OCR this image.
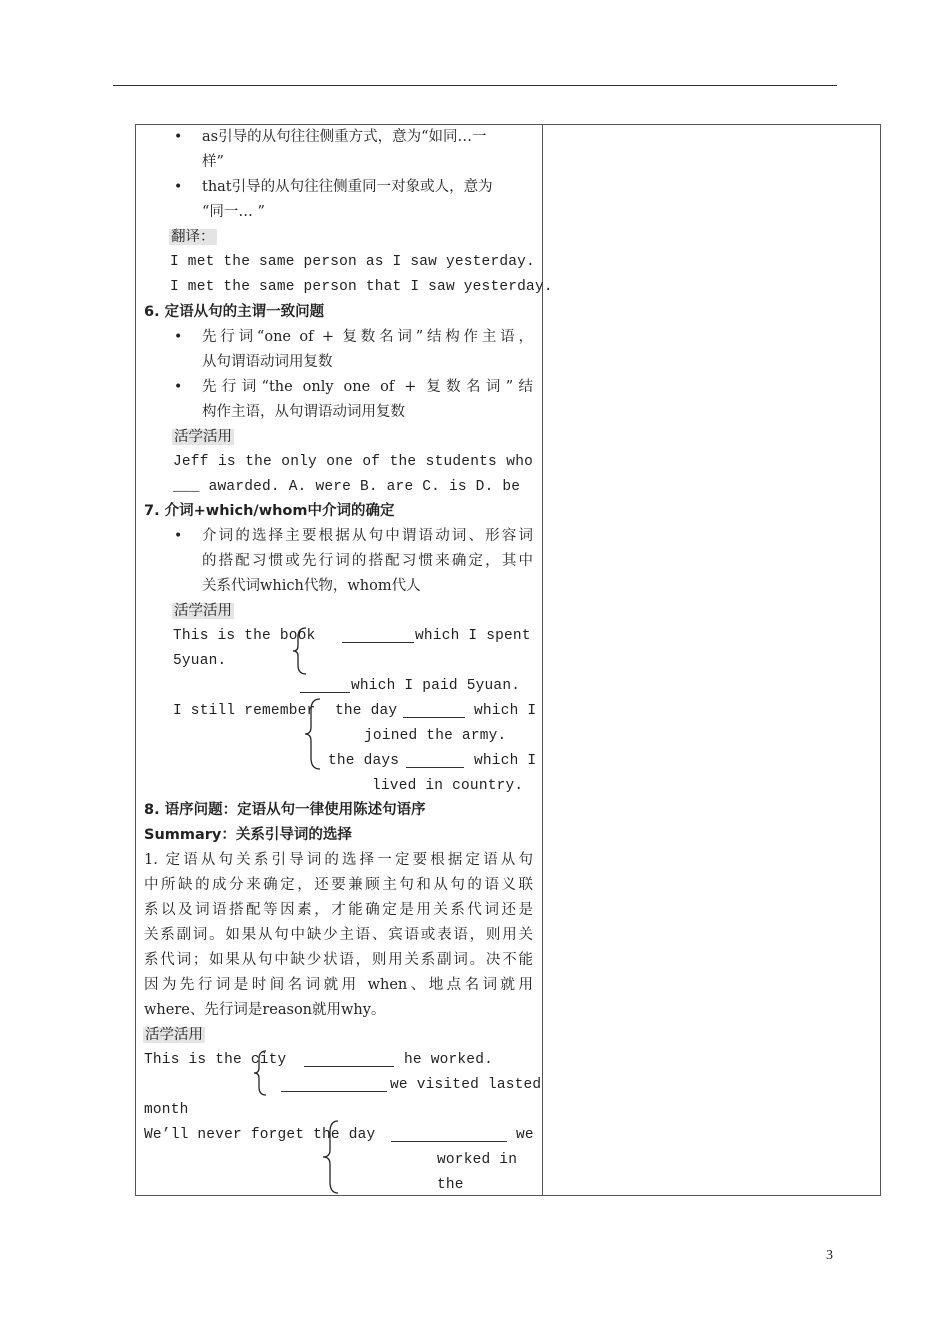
• as引导的从句往往侧重方式，意为“如同…一
样”
• that引导的从句往往侧重同一对象或人，意为
“同一… ”
翻译：
I met the same person as I saw yesterday.
I met the same person that I saw yesterday.
6. 定语从句的主谓一致问题
• 先行词“one of + 复数名词”结构作主语，
从句谓语动词用复数
• 先行词“the only one of + 复数名词”结
构作主语，从句谓语动词用复数
活学活用
Jeff is the only one of the students who
___ awarded. A. were B. are C. is D. be
7. 介词+which/whom中介词的确定
• 介词的选择主要根据从句中谓语动词、形容词
的搭配习惯或先行词的搭配习惯来确定，其中
关系代词which代物，whom代人
活学活用
This is the book	which I spent
5yuan.
which I paid 5yuan.
I still remember the day	which I
joined the army.
the days	which I
lived in country.
8. 语序问题：定语从句一律使用陈述句语序
Summary：关系引导词的选择
1. 定语从句关系引导词的选择一定要根据定语从句
中所缺的成分来确定，还要兼顾主句和从句的语义联
系以及词语搭配等因素，才能确定是用关系代词还是
关系副词。如果从句中缺少主语、宾语或表语，则用关
系代词；如果从句中缺少状语，则用关系副词。决不能
因为先行词是时间名词就用 when、地点名词就用
where、先行词是reason就用why。
活学活用
This is the city	he worked.
we visited lasted
month
We’ll never forget the day	we
worked in
the
3
